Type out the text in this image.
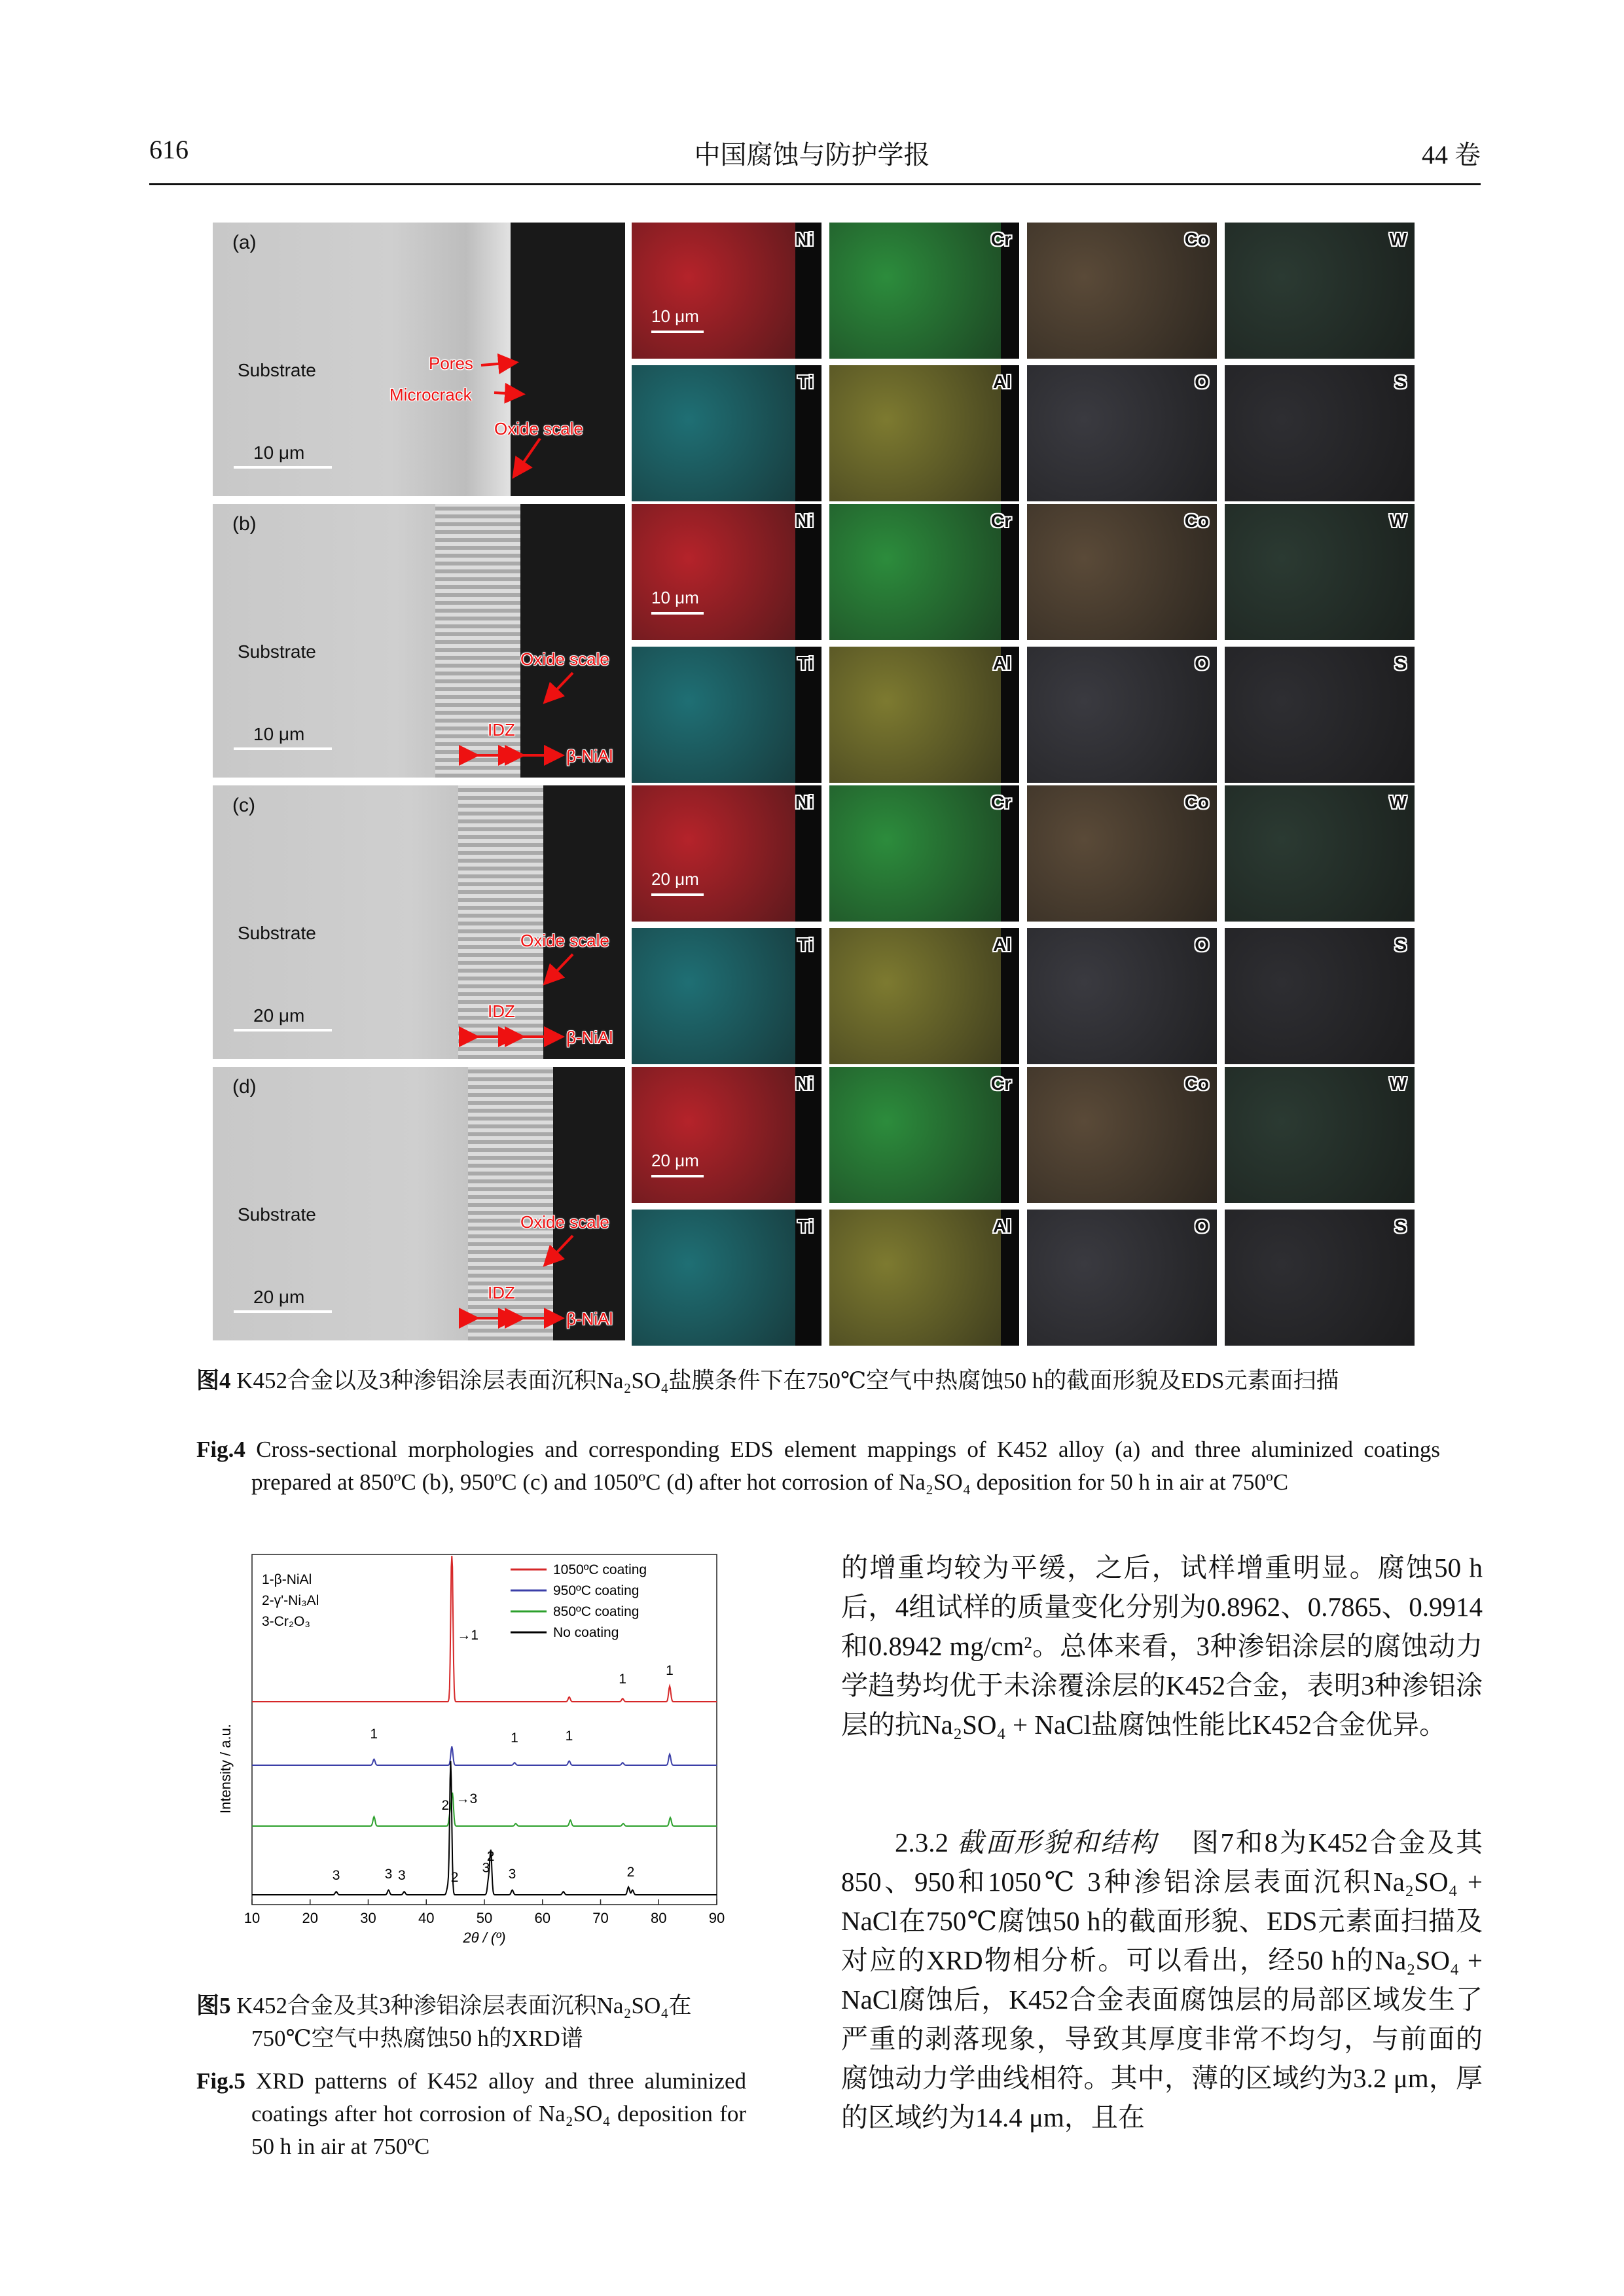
616	中国腐蚀与防护学报	44 卷
(a)
Substrate
10 μm
Pores
Microcrack
Oxide scale
Ni
10 μm
Cr	Co	W
Ti	Al	O	S
(b)
Substrate
10 μm
Oxide scale
IDZ
β-NiAl
Ni
10 μm
Cr	Co	W
Ti	Al	O	S
(c)
Substrate
20 μm
Oxide scale
IDZ
β-NiAl
Ni
20 μm
Cr	Co	W
Ti	Al	O	S
(d)
Substrate
20 μm
Oxide scale
IDZ
β-NiAl
Ni
20 μm
Cr	Co	W
Ti	Al	O	S
图4 K452合金以及3种渗铝涂层表面沉积Na₂SO₄盐膜条件下在750℃空气中热腐蚀50 h的截面形貌及EDS元素面扫描
Fig.4 Cross-sectional morphologies and corresponding EDS element mappings of K452 alloy (a) and three aluminized coatings prepared at 850ºC (b), 950ºC (c) and 1050ºC (d) after hot corrosion of Na₂SO₄ deposition for 50 h in air at 750ºC
10	20	30	40	50	60	70	80	90
2θ / (º)
Intensity / a.u.
1-β-NiAl
2-γ'-Ni₃Al
3-Cr₂O₃
1050ºC coating
950ºC coating
850ºC coating
No coating
→1
1
1
1	1	1
2 →3
2
2
3	3 3	3 3	2
图5 K452合金及其3种渗铝涂层表面沉积Na₂SO₄在750℃空气中热腐蚀50 h的XRD谱
Fig.5 XRD patterns of K452 alloy and three aluminized coatings after hot corrosion of Na₂SO₄ deposition for 50 h in air at 750ºC
的增重均较为平缓，之后，试样增重明显。腐蚀50 h后，4组试样的质量变化分别为0.8962、0.7865、0.9914和0.8942 mg/cm²。总体来看，3种渗铝涂层的腐蚀动力学趋势均优于未涂覆涂层的K452合金，表明3种渗铝涂层的抗Na₂SO₄ + NaCl盐腐蚀性能比K452合金优异。
2.3.2 截面形貌和结构 图7和8为K452合金及其850、950和1050℃ 3种渗铝涂层表面沉积Na₂SO₄ + NaCl在750℃腐蚀50 h的截面形貌、EDS元素面扫描及对应的XRD物相分析。可以看出，经50 h的Na₂SO₄ + NaCl腐蚀后，K452合金表面腐蚀层的局部区域发生了严重的剥落现象，导致其厚度非常不均匀，与前面的腐蚀动力学曲线相符。其中，薄的区域约为3.2 μm，厚的区域约为14.4 μm，且在
